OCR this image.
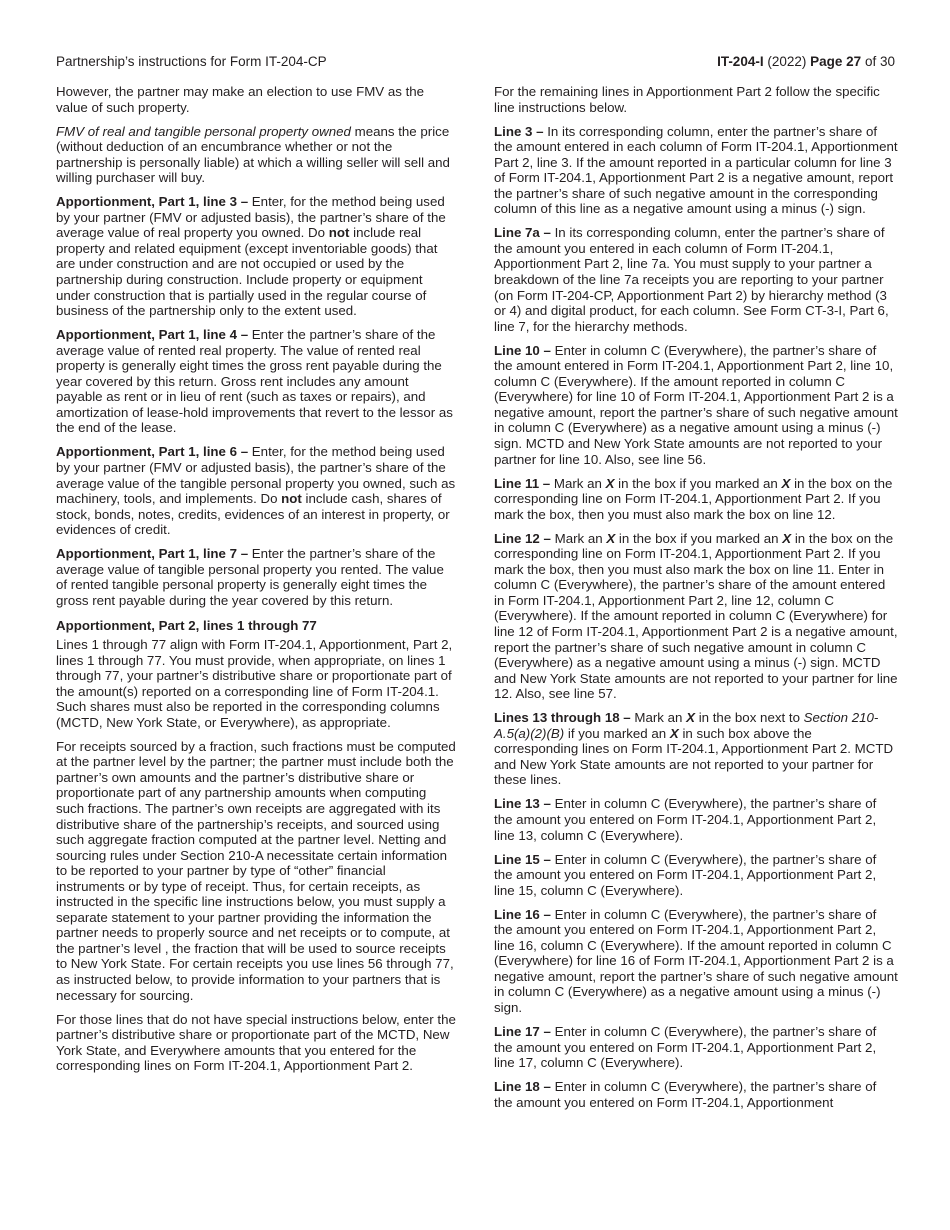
Partnership’s instructions for Form IT-204-CP	IT-204-I (2022) Page 27 of 30

However, the partner may make an election to use FMV as the value of such property.

FMV of real and tangible personal property owned means the price (without deduction of an encumbrance whether or not the partnership is personally liable) at which a willing seller will sell and willing purchaser will buy.

Apportionment, Part 1, line 3 – Enter, for the method being used by your partner (FMV or adjusted basis), the partner’s share of the average value of real property you owned. Do not include real property and related equipment (except inventoriable goods) that are under construction and are not occupied or used by the partnership during construction. Include property or equipment under construction that is partially used in the regular course of business of the partnership only to the extent used.

Apportionment, Part 1, line 4 – Enter the partner’s share of the average value of rented real property. The value of rented real property is generally eight times the gross rent payable during the year covered by this return. Gross rent includes any amount payable as rent or in lieu of rent (such as taxes or repairs), and amortization of lease-hold improvements that revert to the lessor as the end of the lease.

Apportionment, Part 1, line 6 – Enter, for the method being used by your partner (FMV or adjusted basis), the partner’s share of the average value of the tangible personal property you owned, such as machinery, tools, and implements. Do not include cash, shares of stock, bonds, notes, credits, evidences of an interest in property, or evidences of credit.

Apportionment, Part 1, line 7 – Enter the partner’s share of the average value of tangible personal property you rented. The value of rented tangible personal property is generally eight times the gross rent payable during the year covered by this return.

Apportionment, Part 2, lines 1 through 77

Lines 1 through 77 align with Form IT-204.1, Apportionment, Part 2, lines 1 through 77. You must provide, when appropriate, on lines 1 through 77, your partner’s distributive share or proportionate part of the amount(s) reported on a corresponding line of Form IT-204.1. Such shares must also be reported in the corresponding columns (MCTD, New York State, or Everywhere), as appropriate.

For receipts sourced by a fraction, such fractions must be computed at the partner level by the partner; the partner must include both the partner’s own amounts and the partner’s distributive share or proportionate part of any partnership amounts when computing such fractions. The partner’s own receipts are aggregated with its distributive share of the partnership’s receipts, and sourced using such aggregate fraction computed at the partner level. Netting and sourcing rules under Section 210-A necessitate certain information to be reported to your partner by type of “other” financial instruments or by type of receipt. Thus, for certain receipts, as instructed in the specific line instructions below, you must supply a separate statement to your partner providing the information the partner needs to properly source and net receipts or to compute, at the partner’s level , the fraction that will be used to source receipts to New York State. For certain receipts you use lines 56 through 77, as instructed below, to provide information to your partners that is necessary for sourcing.

For those lines that do not have special instructions below, enter the partner’s distributive share or proportionate part of the MCTD, New York State, and Everywhere amounts that you entered for the corresponding lines on Form IT-204.1, Apportionment Part 2.

For the remaining lines in Apportionment Part 2 follow the specific line instructions below.

Line 3 – In its corresponding column, enter the partner’s share of the amount entered in each column of Form IT-204.1, Apportionment Part 2, line 3. If the amount reported in a particular column for line 3 of Form IT-204.1, Apportionment Part 2 is a negative amount, report the partner’s share of such negative amount in the corresponding column of this line as a negative amount using a minus (-) sign.

Line 7a – In its corresponding column, enter the partner’s share of the amount you entered in each column of Form IT-204.1, Apportionment Part 2, line 7a. You must supply to your partner a breakdown of the line 7a receipts you are reporting to your partner (on Form IT-204-CP, Apportionment Part 2) by hierarchy method (3 or 4) and digital product, for each column. See Form CT-3-I, Part 6, line 7, for the hierarchy methods.

Line 10 – Enter in column C (Everywhere), the partner’s share of the amount entered in Form IT-204.1, Apportionment Part 2, line 10, column C (Everywhere). If the amount reported in column C (Everywhere) for line 10 of Form IT-204.1, Apportionment Part 2 is a negative amount, report the partner’s share of such negative amount in column C (Everywhere) as a negative amount using a minus (-) sign. MCTD and New York State amounts are not reported to your partner for line 10. Also, see line 56.

Line 11 – Mark an X in the box if you marked an X in the box on the corresponding line on Form IT-204.1, Apportionment Part 2. If you mark the box, then you must also mark the box on line 12.

Line 12 – Mark an X in the box if you marked an X in the box on the corresponding line on Form IT-204.1, Apportionment Part 2. If you mark the box, then you must also mark the box on line 11. Enter in column C (Everywhere), the partner’s share of the amount entered in Form IT-204.1, Apportionment Part 2, line 12, column C (Everywhere). If the amount reported in column C (Everywhere) for line 12 of Form IT-204.1, Apportionment Part 2 is a negative amount, report the partner’s share of such negative amount in column C (Everywhere) as a negative amount using a minus (-) sign. MCTD and New York State amounts are not reported to your partner for line 12. Also, see line 57.

Lines 13 through 18 – Mark an X in the box next to Section 210-A.5(a)(2)(B) if you marked an X in such box above the corresponding lines on Form IT-204.1, Apportionment Part 2. MCTD and New York State amounts are not reported to your partner for these lines.

Line 13 – Enter in column C (Everywhere), the partner’s share of the amount you entered on Form IT-204.1, Apportionment Part 2, line 13, column C (Everywhere).

Line 15 – Enter in column C (Everywhere), the partner’s share of the amount you entered on Form IT-204.1, Apportionment Part 2, line 15, column C (Everywhere).

Line 16 – Enter in column C (Everywhere), the partner’s share of the amount you entered on Form IT-204.1, Apportionment Part 2, line 16, column C (Everywhere). If the amount reported in column C (Everywhere) for line 16 of Form IT-204.1, Apportionment Part 2 is a negative amount, report the partner’s share of such negative amount in column C (Everywhere) as a negative amount using a minus (-) sign.

Line 17 – Enter in column C (Everywhere), the partner’s share of the amount you entered on Form IT-204.1, Apportionment Part 2, line 17, column C (Everywhere).

Line 18 – Enter in column C (Everywhere), the partner’s share of the amount you entered on Form IT-204.1, Apportionment
